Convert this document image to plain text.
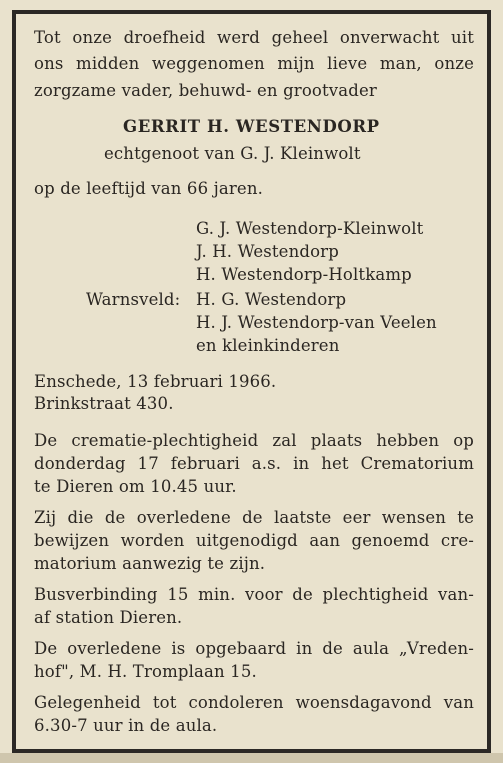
Tot onze droefheid werd geheel onverwacht uit
ons midden weggenomen mijn lieve man, onze
zorgzame vader, behuwd- en grootvader
GERRIT H. WESTENDORP
echtgenoot van G. J. Kleinwolt
op de leeftijd van 66 jaren.
G. J. Westendorp-Kleinwolt
J. H. Westendorp
H. Westendorp-Holtkamp
Warnsveld: H. G. Westendorp
H. J. Westendorp-van Veelen
en kleinkinderen
Enschede, 13 februari 1966.
Brinkstraat 430.
De crematie-plechtigheid zal plaats hebben op
donderdag 17 februari a.s. in het Crematorium
te Dieren om 10.45 uur.
Zij die de overledene de laatste eer wensen te
bewijzen worden uitgenodigd aan genoemd cre-
matorium aanwezig te zijn.
Busverbinding 15 min. voor de plechtigheid van-
af station Dieren.
De overledene is opgebaard in de aula „Vreden-
hof", M. H. Tromplaan 15.
Gelegenheid tot condoleren woensdagavond van
6.30-7 uur in de aula.
